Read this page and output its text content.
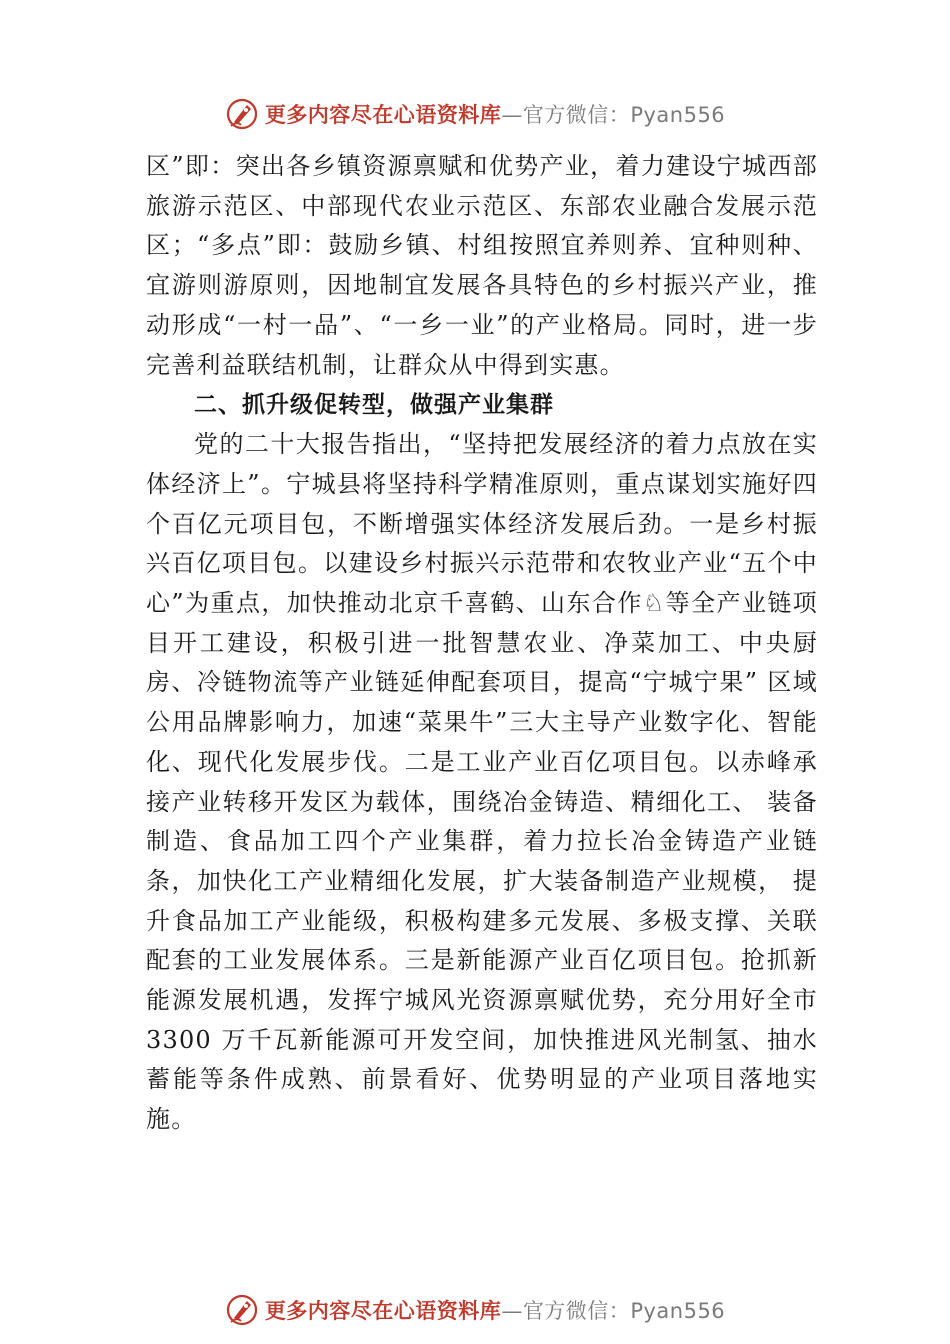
更多内容尽在心语资料库—官方微信：Pyan556

区”即：突出各乡镇资源禀赋和优势产业，着力建设宁城西部旅游示范区、中部现代农业示范区、东部农业融合发展示范区；“多点”即：鼓励乡镇、村组按照宜养则养、宜种则种、宜游则游原则，因地制宜发展各具特色的乡村振兴产业，推动形成“一村一品”、“一乡一业”的产业格局。同时，进一步完善利益联结机制，让群众从中得到实惠。

二、抓升级促转型，做强产业集群

党的二十大报告指出，“坚持把发展经济的着力点放在实体经济上”。宁城县将坚持科学精准原则，重点谋划实施好四个百亿元项目包，不断增强实体经济发展后劲。一是乡村振兴百亿项目包。以建设乡村振兴示范带和农牧业产业“五个中心”为重点，加快推动北京千喜鹤、山东合作♘等全产业链项目开工建设，积极引进一批智慧农业、净菜加工、中央厨房、冷链物流等产业链延伸配套项目，提高“宁城宁果” 区域公用品牌影响力，加速“菜果牛”三大主导产业数字化、智能化、现代化发展步伐。二是工业产业百亿项目包。以赤峰承接产业转移开发区为载体，围绕冶金铸造、精细化工、 装备制造、食品加工四个产业集群，着力拉长冶金铸造产业链条，加快化工产业精细化发展，扩大装备制造产业规模， 提升食品加工产业能级，积极构建多元发展、多极支撑、关联配套的工业发展体系。三是新能源产业百亿项目包。抢抓新能源发展机遇，发挥宁城风光资源禀赋优势，充分用好全市 3300 万千瓦新能源可开发空间，加快推进风光制氢、抽水蓄能等条件成熟、前景看好、优势明显的产业项目落地实施。

更多内容尽在心语资料库—官方微信：Pyan556
